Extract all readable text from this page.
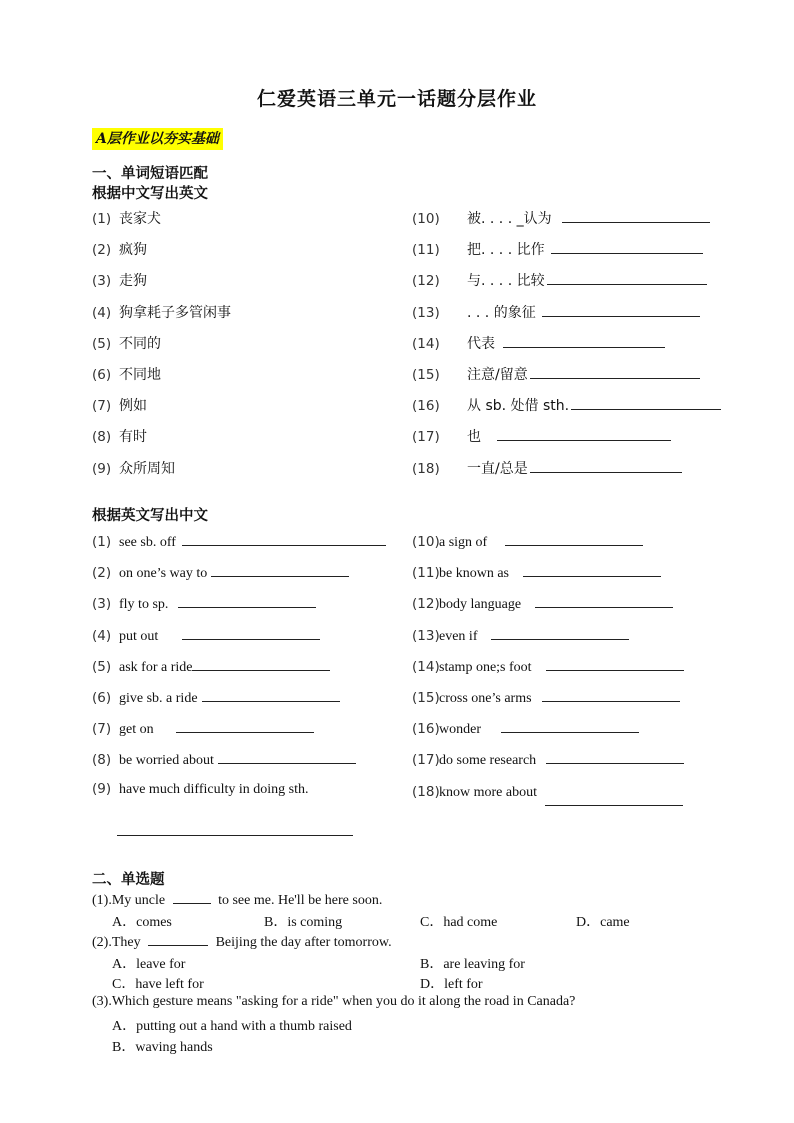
仁爱英语三单元一话题分层作业
A层作业以夯实基础
一、单词短语匹配
根据中文写出英文
(1) 丧家犬
(2) 疯狗
(3) 走狗
(4) 狗拿耗子多管闲事
(5) 不同的
(6) 不同地
(7) 例如
(8) 有时
(9) 众所周知
(10)	被. . . . _认为
(11)	把. . . . 比作
(12)	与. . . . 比较
(13)	. . . 的象征
(14)	代表
(15)	注意/留意
(16)	从 sb. 处借 sth.
(17)	也
(18)	一直/总是
根据英文写出中文
(1) see sb. off
(2) on one’s way to
(3) fly to sp.
(4) put out
(5) ask for a ride
(6) give sb. a ride
(7) get on
(8) be worried about
(9) have much difficulty in doing sth.
(10) a sign of
(11) be known as
(12) body language
(13) even if
(14) stamp one;s foot
(15) cross one’s arms
(16) wonder
(17) do some research
(18) know more about
二、单选题
(1).My uncle	to see me. He'll be here soon.
A．comes	B．is coming	C．had come	D．came
(2).They	Beijing the day after tomorrow.
A．leave for	B．are leaving for
C．have left for	D．left for
(3).Which gesture means "asking for a ride" when you do it along the road in Canada?
A．putting out a hand with a thumb raised
B．waving hands
